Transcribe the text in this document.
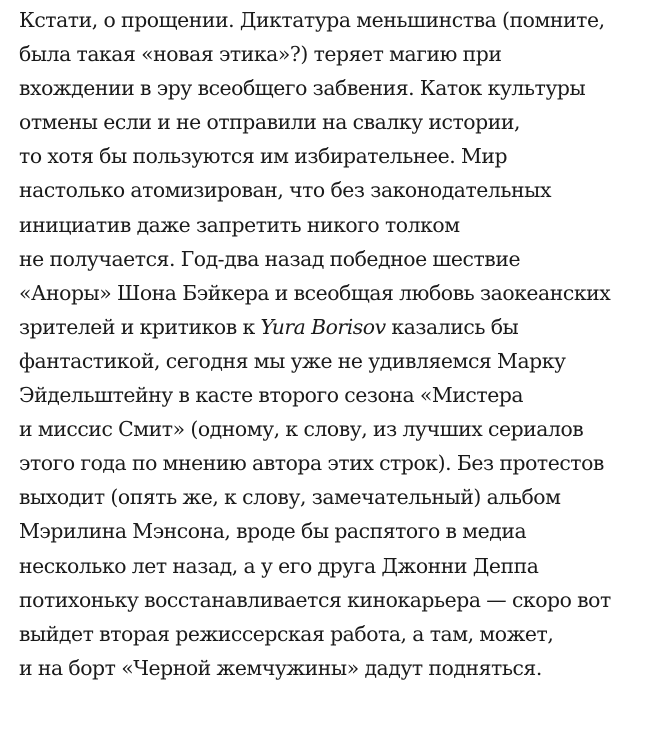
Кстати, о прощении. Диктатура меньшинства (помните,
была такая «новая этика»?) теряет магию при
вхождении в эру всеобщего забвения. Каток культуры
отмены если и не отправили на свалку истории,
то хотя бы пользуются им избирательнее. Мир
настолько атомизирован, что без законодательных
инициатив даже запретить никого толком
не получается. Год-два назад победное шествие
«Аноры» Шона Бэйкера и всеобщая любовь заокеанских
зрителей и критиков к Yura Borisov казались бы
фантастикой, сегодня мы уже не удивляемся Марку
Эйдельштейну в касте второго сезона «Мистера
и миссис Смит» (одному, к слову, из лучших сериалов
этого года по мнению автора этих строк). Без протестов
выходит (опять же, к слову, замечательный) альбом
Мэрилина Мэнсона, вроде бы распятого в медиа
несколько лет назад, а у его друга Джонни Деппа
потихоньку восстанавливается кинокарьера — скоро вот
выйдет вторая режиссерская работа, а там, может,
и на борт «Черной жемчужины» дадут подняться.
